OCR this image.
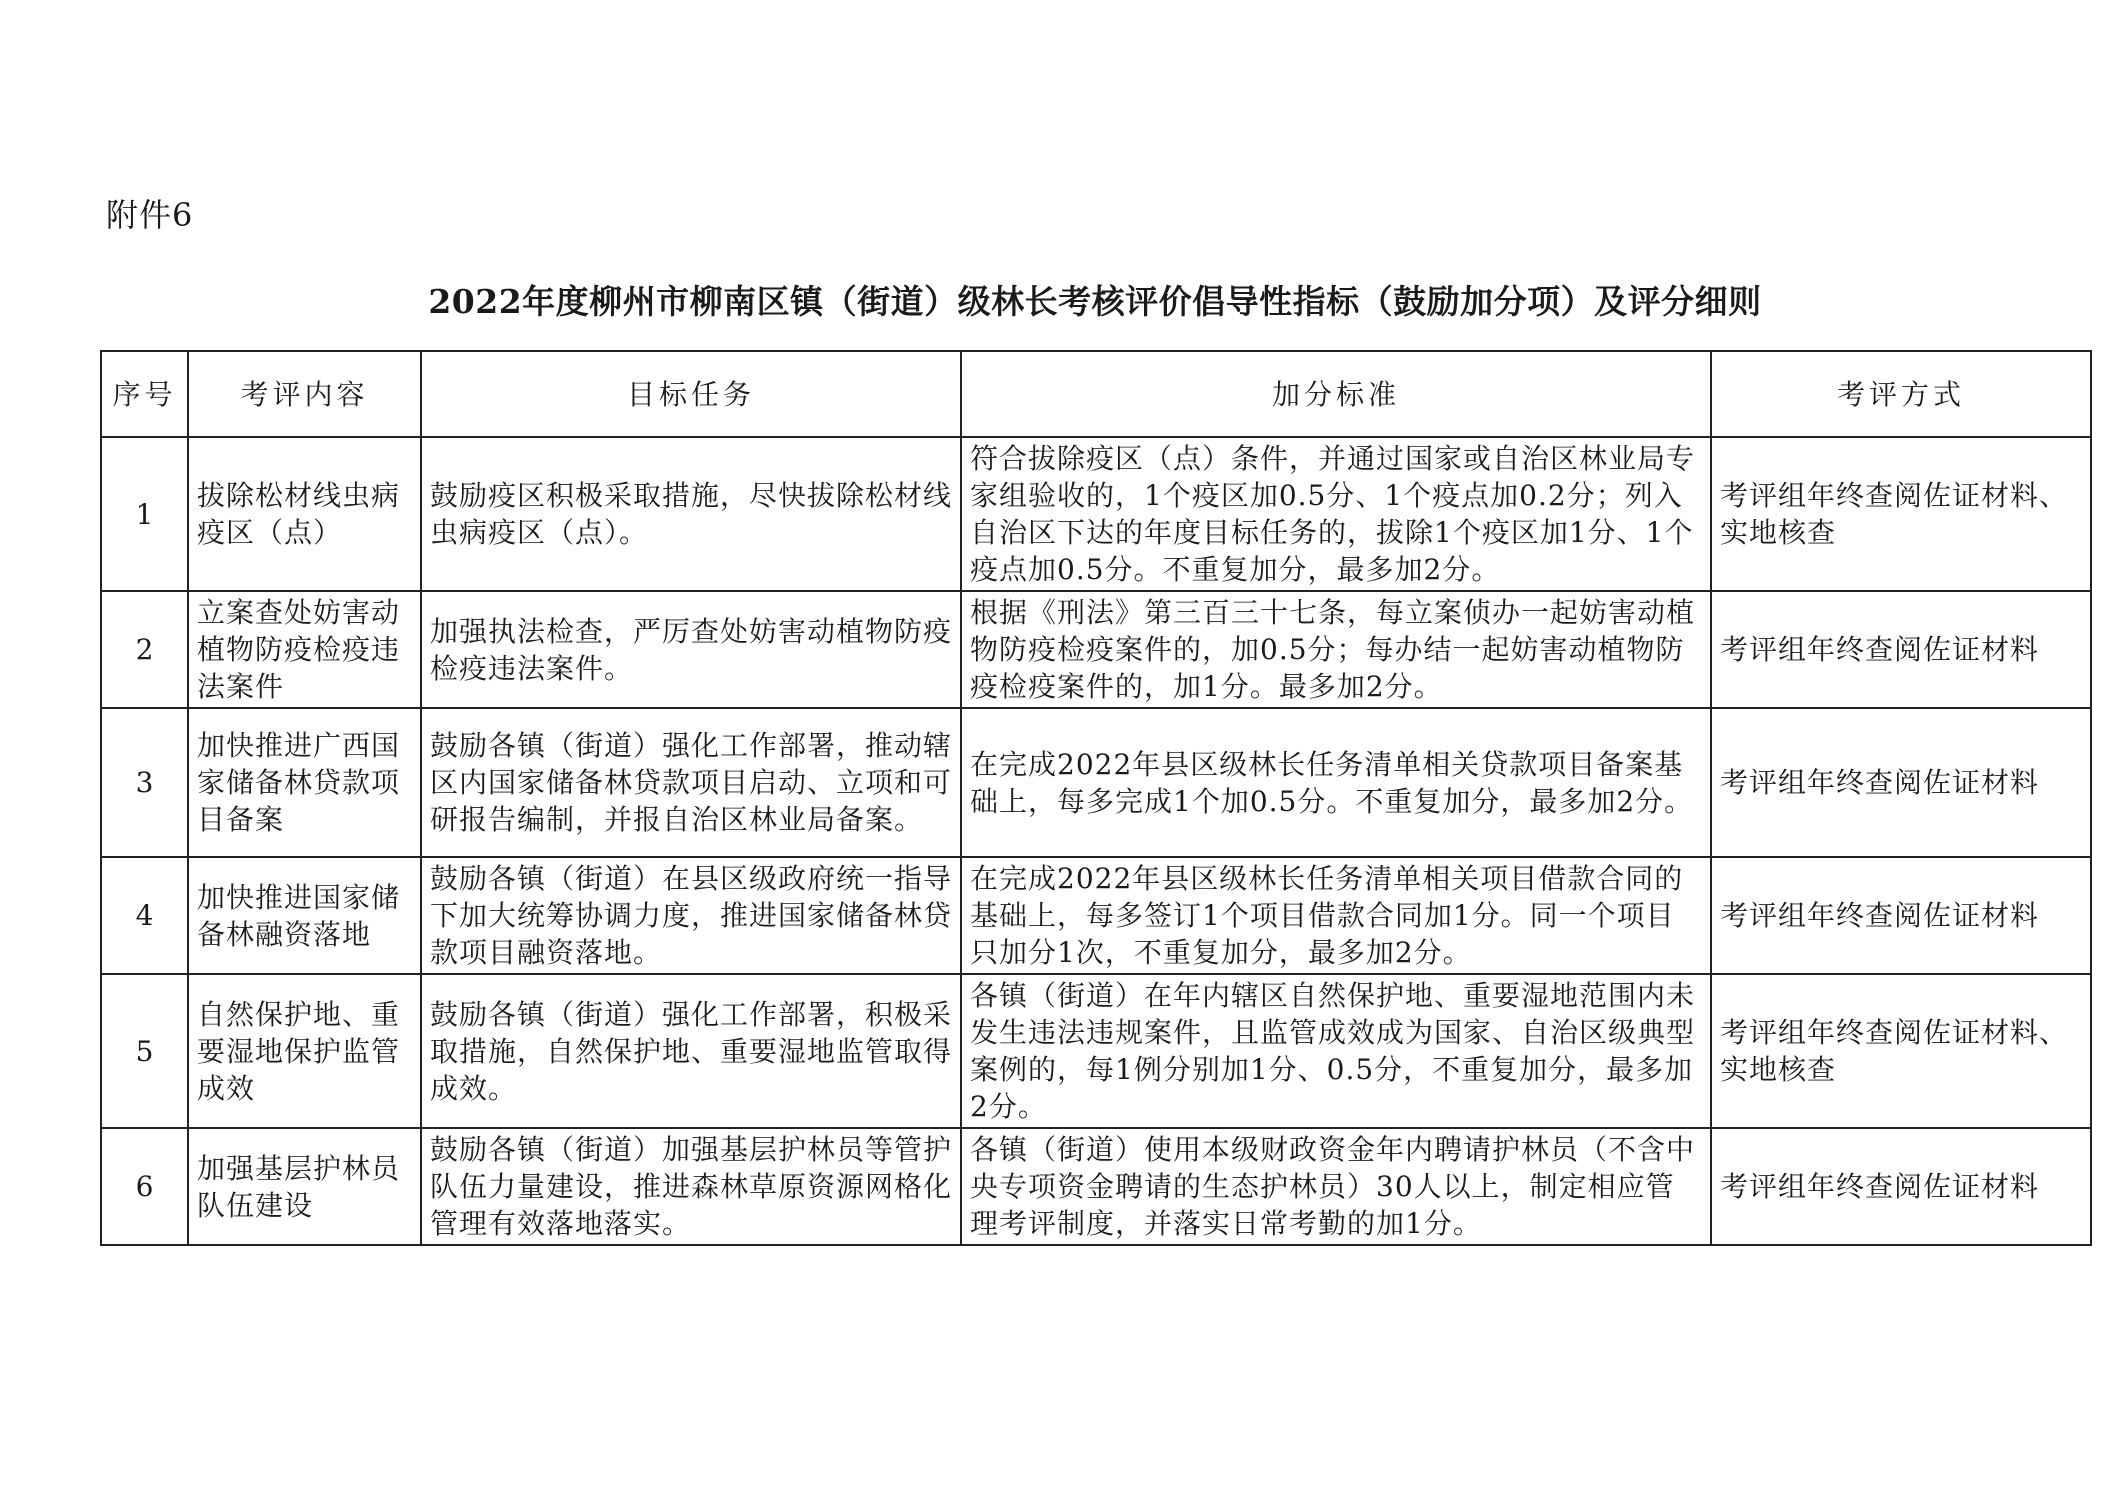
附件6
2022年度柳州市柳南区镇（街道）级林长考核评价倡导性指标（鼓励加分项）及评分细则
序号	考评内容	目标任务	加分标准	考评方式
1	拔除松材线虫病疫区（点）	鼓励疫区积极采取措施，尽快拔除松材线虫病疫区（点）。	符合拔除疫区（点）条件，并通过国家或自治区林业局专家组验收的，1个疫区加0.5分、1个疫点加0.2分；列入自治区下达的年度目标任务的，拔除1个疫区加1分、1个疫点加0.5分。不重复加分，最多加2分。	考评组年终查阅佐证材料、实地核查
2	立案查处妨害动植物防疫检疫违法案件	加强执法检查，严厉查处妨害动植物防疫检疫违法案件。	根据《刑法》第三百三十七条，每立案侦办一起妨害动植物防疫检疫案件的，加0.5分；每办结一起妨害动植物防疫检疫案件的，加1分。最多加2分。	考评组年终查阅佐证材料
3	加快推进广西国家储备林贷款项目备案	鼓励各镇（街道）强化工作部署，推动辖区内国家储备林贷款项目启动、立项和可研报告编制，并报自治区林业局备案。	在完成2022年县区级林长任务清单相关贷款项目备案基础上，每多完成1个加0.5分。不重复加分，最多加2分。	考评组年终查阅佐证材料
4	加快推进国家储备林融资落地	鼓励各镇（街道）在县区级政府统一指导下加大统筹协调力度，推进国家储备林贷款项目融资落地。	在完成2022年县区级林长任务清单相关项目借款合同的基础上，每多签订1个项目借款合同加1分。同一个项目只加分1次，不重复加分，最多加2分。	考评组年终查阅佐证材料
5	自然保护地、重要湿地保护监管成效	鼓励各镇（街道）强化工作部署，积极采取措施，自然保护地、重要湿地监管取得成效。	各镇（街道）在年内辖区自然保护地、重要湿地范围内未发生违法违规案件，且监管成效成为国家、自治区级典型案例的，每1例分别加1分、0.5分，不重复加分，最多加2分。	考评组年终查阅佐证材料、实地核查
6	加强基层护林员队伍建设	鼓励各镇（街道）加强基层护林员等管护队伍力量建设，推进森林草原资源网格化管理有效落地落实。	各镇（街道）使用本级财政资金年内聘请护林员（不含中央专项资金聘请的生态护林员）30人以上，制定相应管理考评制度，并落实日常考勤的加1分。	考评组年终查阅佐证材料
